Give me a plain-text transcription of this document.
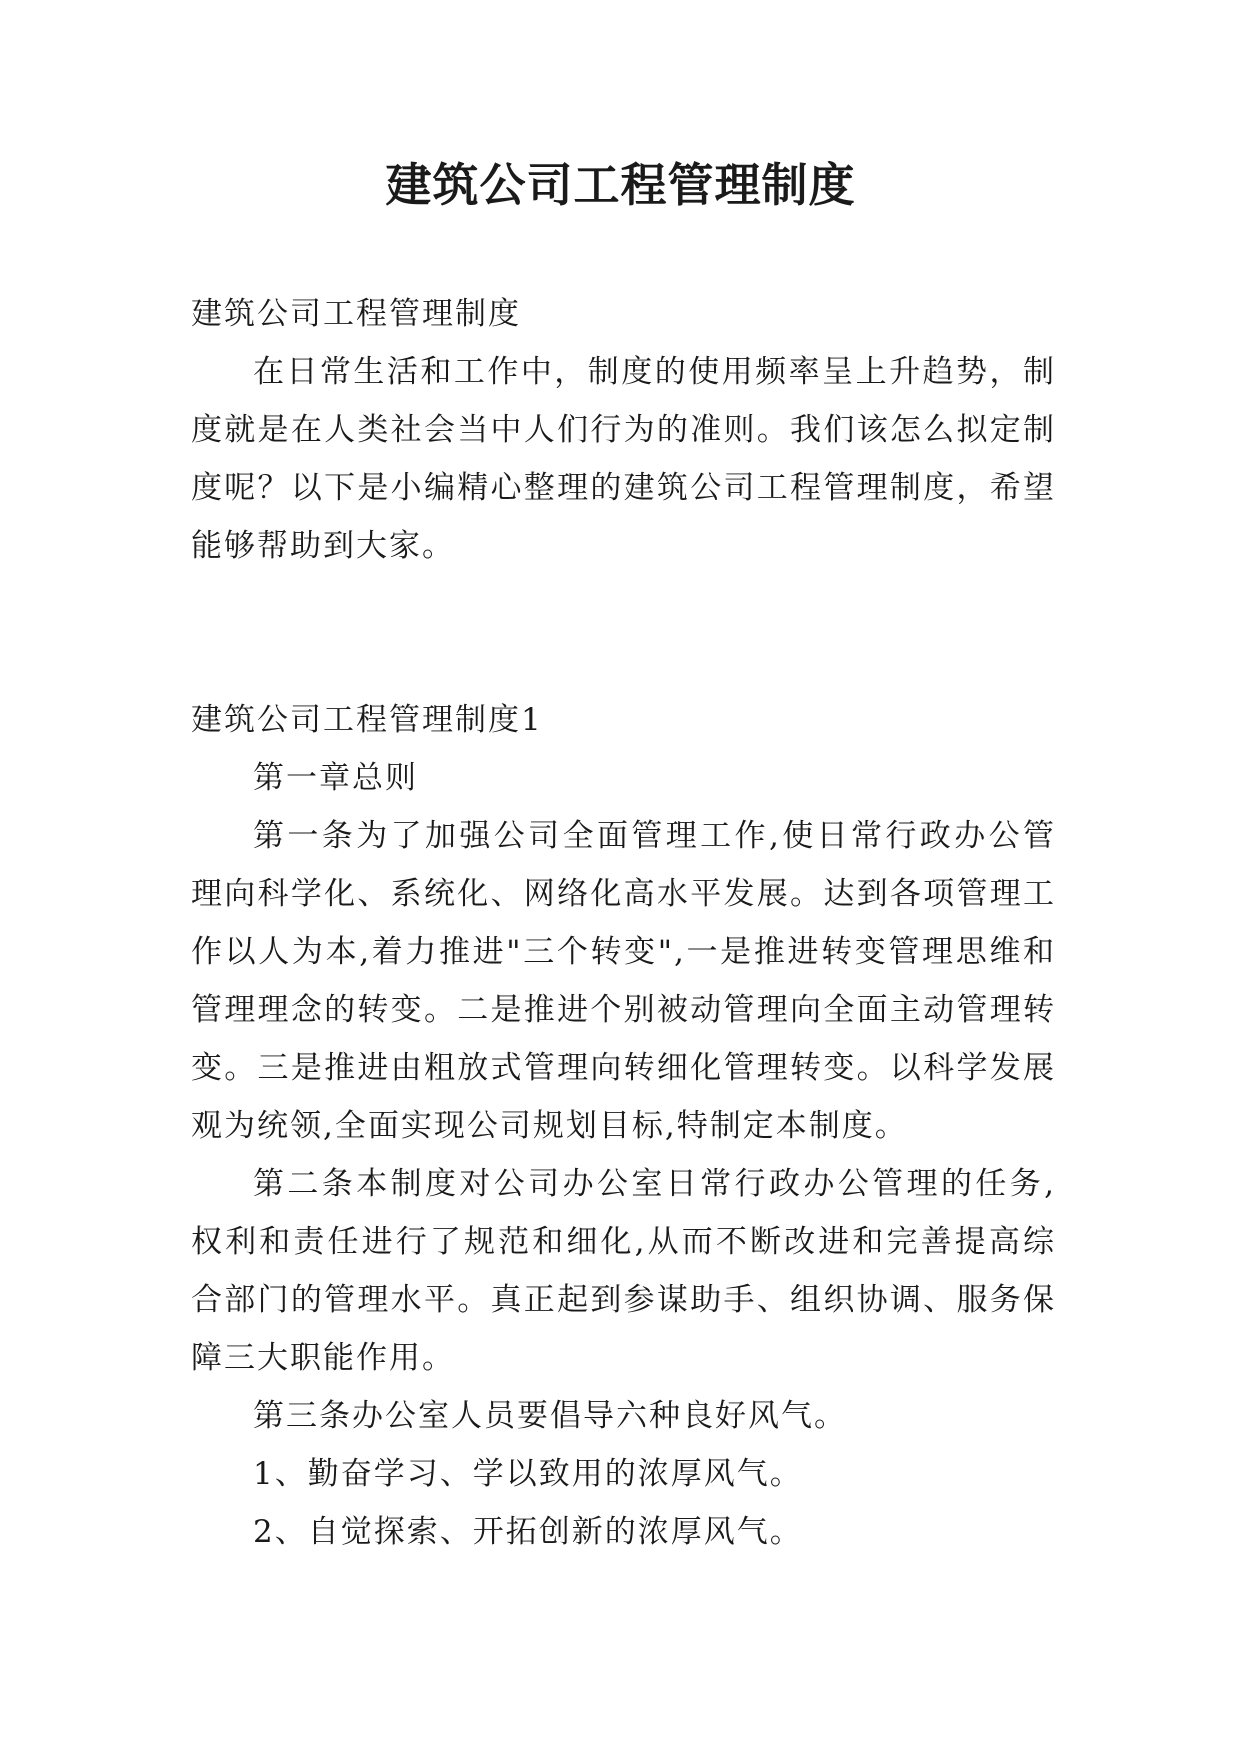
建筑公司工程管理制度

建筑公司工程管理制度

在日常生活和工作中，制度的使用频率呈上升趋势，制度就是在人类社会当中人们行为的准则。我们该怎么拟定制度呢？以下是小编精心整理的建筑公司工程管理制度，希望能够帮助到大家。

建筑公司工程管理制度1

第一章总则

第一条为了加强公司全面管理工作,使日常行政办公管理向科学化、系统化、网络化高水平发展。达到各项管理工作以人为本,着力推进"三个转变",一是推进转变管理思维和管理理念的转变。二是推进个别被动管理向全面主动管理转变。三是推进由粗放式管理向转细化管理转变。以科学发展观为统领,全面实现公司规划目标,特制定本制度。

第二条本制度对公司办公室日常行政办公管理的任务,权利和责任进行了规范和细化,从而不断改进和完善提高综合部门的管理水平。真正起到参谋助手、组织协调、服务保障三大职能作用。

第三条办公室人员要倡导六种良好风气。

1、勤奋学习、学以致用的浓厚风气。

2、自觉探索、开拓创新的浓厚风气。
